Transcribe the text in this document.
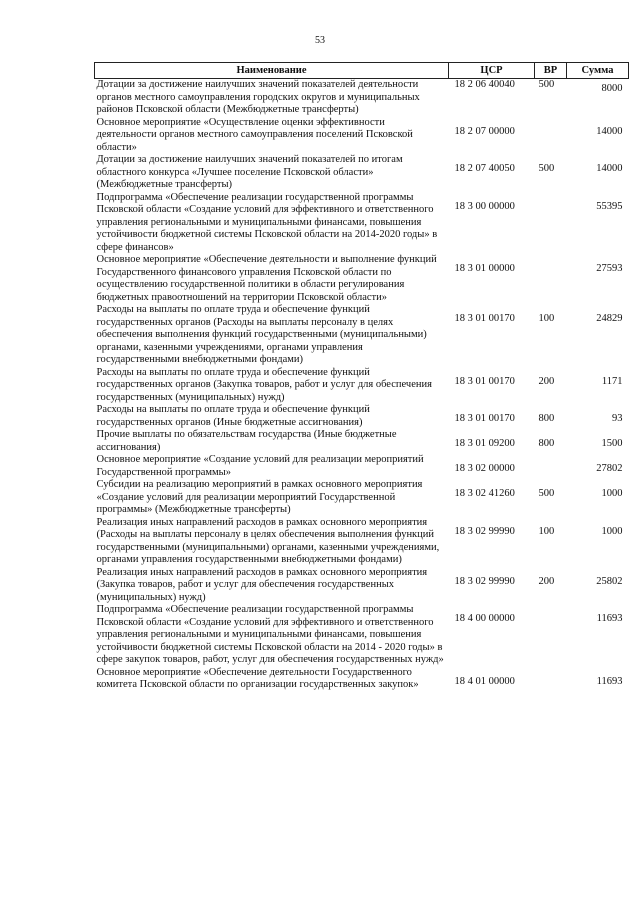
53
Наименование	ЦСР	ВР	Сумма
Дотации за достижение наилучших значений показателей деятельности органов местного самоуправления городских округов и муниципальных районов Псковской области (Межбюджетные трансферты)	18 2 06 40040	500	8000
Основное мероприятие «Осуществление оценки эффективности деятельности органов местного самоуправления поселений Псковской области»	18 2 07 00000		14000
Дотации за достижение наилучших значений показателей по итогам областного конкурса «Лучшее поселение Псковской области» (Межбюджетные трансферты)	18 2 07 40050	500	14000
Подпрограмма «Обеспечение реализации государственной программы Псковской области «Создание условий для эффективного и ответственного управления региональными и муниципальными финансами, повышения устойчивости бюджетной системы Псковской области на 2014-2020 годы» в сфере финансов»	18 3 00 00000		55395
Основное мероприятие «Обеспечение деятельности и выполнение функций Государственного финансового управления Псковской области по осуществлению государственной политики в области регулирования бюджетных правоотношений на территории Псковской области»	18 3 01 00000		27593
Расходы на выплаты по оплате труда и обеспечение функций государственных органов (Расходы на выплаты персоналу в целях обеспечения выполнения функций государственными (муниципальными) органами, казенными учреждениями, органами управления государственными внебюджетными фондами)	18 3 01 00170	100	24829
Расходы на выплаты по оплате труда и обеспечение функций государственных органов (Закупка товаров, работ и услуг для обеспечения государственных (муниципальных) нужд)	18 3 01 00170	200	1171
Расходы на выплаты по оплате труда и обеспечение функций государственных органов (Иные бюджетные ассигнования)	18 3 01 00170	800	93
Прочие выплаты по обязательствам государства (Иные бюджетные ассигнования)	18 3 01 09200	800	1500
Основное мероприятие «Создание условий для реализации мероприятий Государственной программы»	18 3 02 00000		27802
Субсидии на реализацию мероприятий в рамках основного мероприятия «Создание условий для реализации мероприятий Государственной программы» (Межбюджетные трансферты)	18 3 02 41260	500	1000
Реализация иных направлений расходов в рамках основного мероприятия (Расходы на выплаты персоналу в целях обеспечения выполнения функций государственными (муниципальными) органами, казенными учреждениями, органами управления государственными внебюджетными фондами)	18 3 02 99990	100	1000
Реализация иных направлений расходов в рамках основного мероприятия (Закупка товаров, работ и услуг для обеспечения государственных (муниципальных) нужд)	18 3 02 99990	200	25802
Подпрограмма «Обеспечение реализации государственной программы Псковской области «Создание условий для эффективного и ответственного управления региональными и муниципальными финансами, повышения устойчивости бюджетной системы Псковской области на 2014 - 2020 годы» в сфере закупок товаров, работ, услуг для обеспечения государственных нужд»	18 4 00 00000		11693
Основное мероприятие «Обеспечение деятельности Государственного комитета Псковской области по организации государственных закупок»	18 4 01 00000		11693
